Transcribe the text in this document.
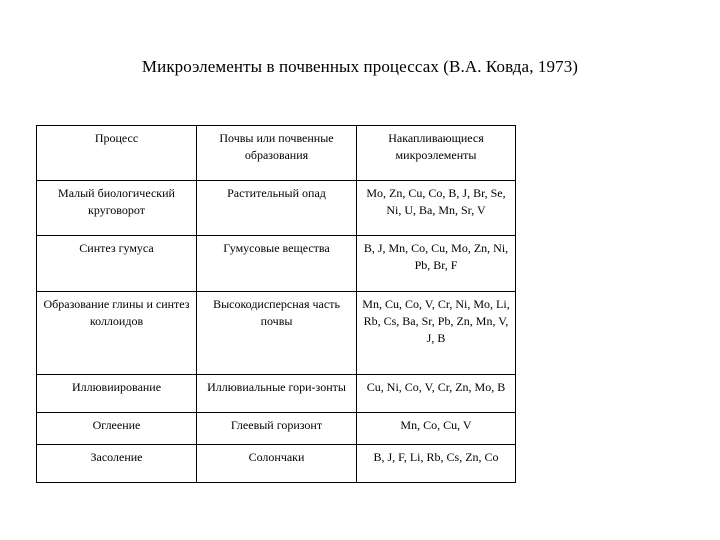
Микроэлементы в почвенных процессах (В.А. Ковда, 1973)
Процесс	Почвы или почвенные образования	Накапливающиеся микроэлементы
Малый биологический круговорот	Растительный опад	Mo, Zn, Cu, Co, B, J, Br, Se, Ni, U, Ba, Mn, Sr, V
Синтез гумуса	Гумусовые вещества	B, J, Mn, Co, Cu, Mo, Zn, Ni, Pb, Br, F
Образование глины и синтез коллоидов	Высокодисперсная часть почвы	Mn, Cu, Co, V, Cr, Ni, Mo, Li, Rb, Cs, Ba, Sr, Pb, Zn, Mn, V, J, B
Иллювиирование	Иллювиальные гори-зонты	Cu, Ni, Co, V, Cr, Zn, Mo, B
Оглеение	Глеевый горизонт	Mn, Co, Cu, V
Засоление	Солончаки	B, J, F, Li, Rb, Cs, Zn, Co
